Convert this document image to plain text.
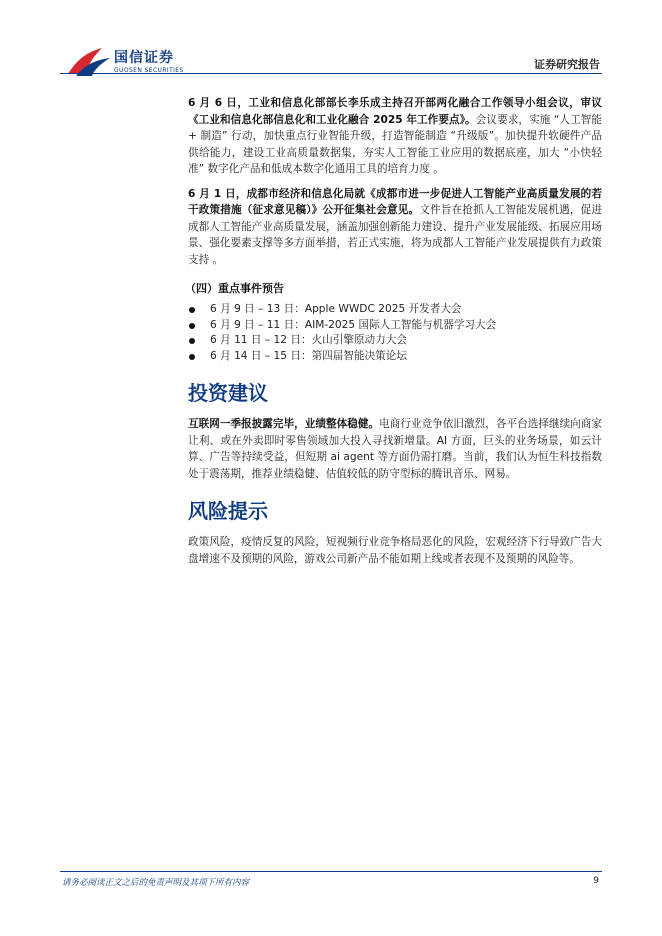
国信证券
GUOSEN SECURITIES	证券研究报告

6 月 6 日，工业和信息化部部长李乐成主持召开部两化融合工作领导小组会议，审议《工业和信息化部信息化和工业化融合 2025 年工作要点》。会议要求，实施 “人工智能 + 制造” 行动，加快重点行业智能升级，打造智能制造 “升级版”。加快提升软硬件产品供给能力，建设工业高质量数据集，夯实人工智能工业应用的数据底座，加大 “小快轻准” 数字化产品和低成本数字化通用工具的培育力度 。

6 月 1 日，成都市经济和信息化局就《成都市进一步促进人工智能产业高质量发展的若干政策措施（征求意见稿）》公开征集社会意见。文件旨在抢抓人工智能发展机遇，促进成都人工智能产业高质量发展，涵盖加强创新能力建设、提升产业发展能级、拓展应用场景、强化要素支撑等多方面举措，若正式实施，将为成都人工智能产业发展提供有力政策支持 。

（四）重点事件预告
6 月 9 日 – 13 日：Apple WWDC 2025 开发者大会
6 月 9 日 – 11 日：AIM-2025 国际人工智能与机器学习大会
6 月 11 日 – 12 日：火山引擎原动力大会
6 月 14 日 – 15 日：第四届智能决策论坛
投资建议

互联网一季报披露完毕，业绩整体稳健。电商行业竞争依旧激烈，各平台选择继续向商家让利、或在外卖即时零售领域加大投入寻找新增量。AI 方面，巨头的业务场景，如云计算、广告等持续受益，但短期 ai agent 等方面仍需打磨。当前，我们认为恒生科技指数处于震荡期，推荐业绩稳健、估值较低的防守型标的腾讯音乐、网易。

风险提示

政策风险，疫情反复的风险，短视频行业竞争格局恶化的风险，宏观经济下行导致广告大盘增速不及预期的风险，游戏公司新产品不能如期上线或者表现不及预期的风险等。

请务必阅读正文之后的免责声明及其项下所有内容	9
